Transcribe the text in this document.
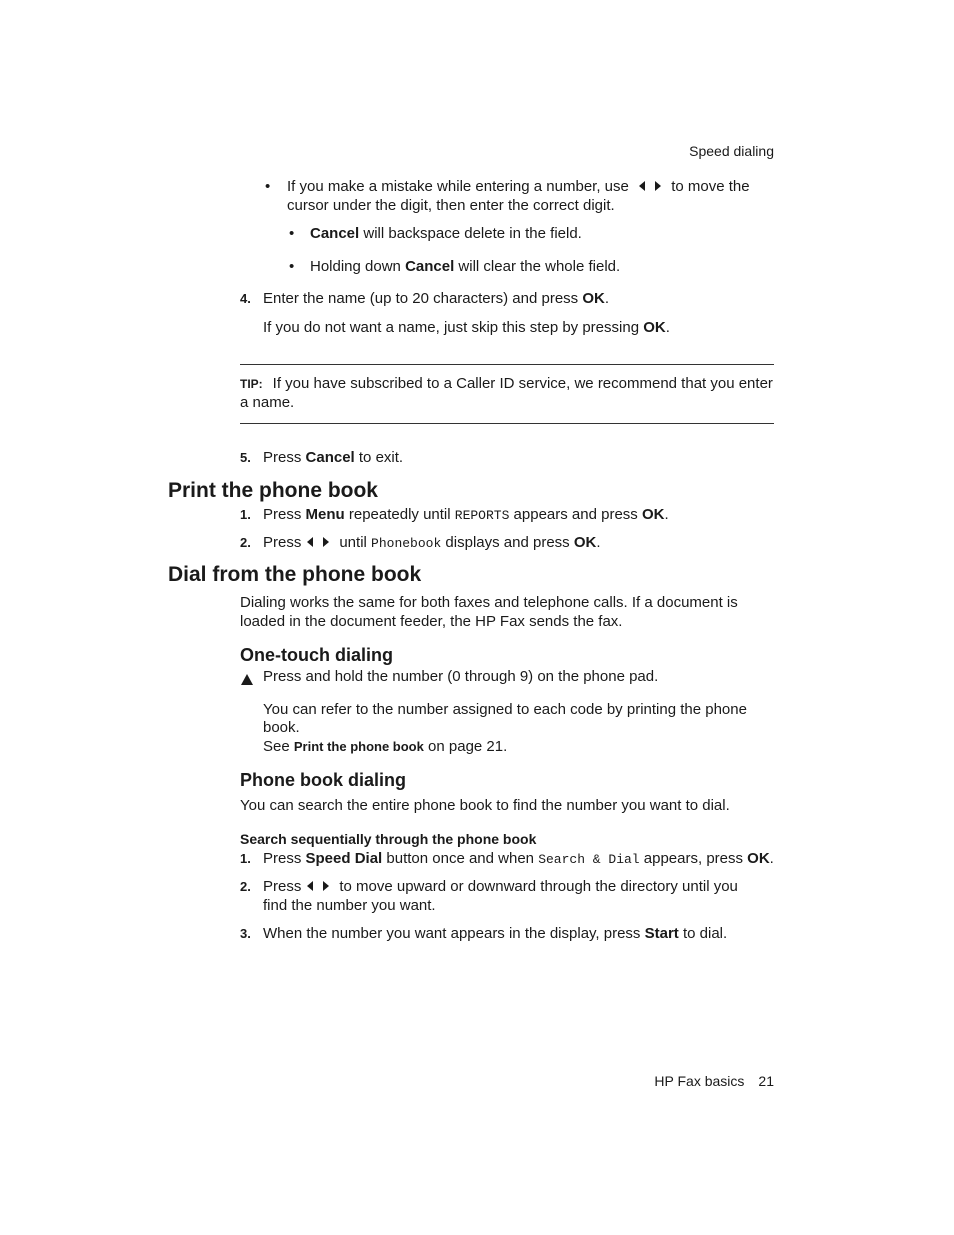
Speed dialing
• If you make a mistake while entering a number, use	to move the
cursor under the digit, then enter the correct digit.
• Cancel will backspace delete in the field.
• Holding down Cancel will clear the whole field.
4. Enter the name (up to 20 characters) and press OK.
If you do not want a name, just skip this step by pressing OK.
TIP: If you have subscribed to a Caller ID service, we recommend that you enter
a name.
5. Press Cancel to exit.
Print the phone book
1. Press Menu repeatedly until REPORTS appears and press OK.
2. Press	until Phonebook displays and press OK.
Dial from the phone book
Dialing works the same for both faxes and telephone calls. If a document is
loaded in the document feeder, the HP Fax sends the fax.
One-touch dialing
Press and hold the number (0 through 9) on the phone pad.
You can refer to the number assigned to each code by printing the phone
book.
See Print the phone book on page 21.
Phone book dialing
You can search the entire phone book to find the number you want to dial.
Search sequentially through the phone book
1. Press Speed Dial button once and when Search & Dial appears, press OK.
2. Press	to move upward or downward through the directory until you
find the number you want.
3. When the number you want appears in the display, press Start to dial.
HP Fax basics 21
